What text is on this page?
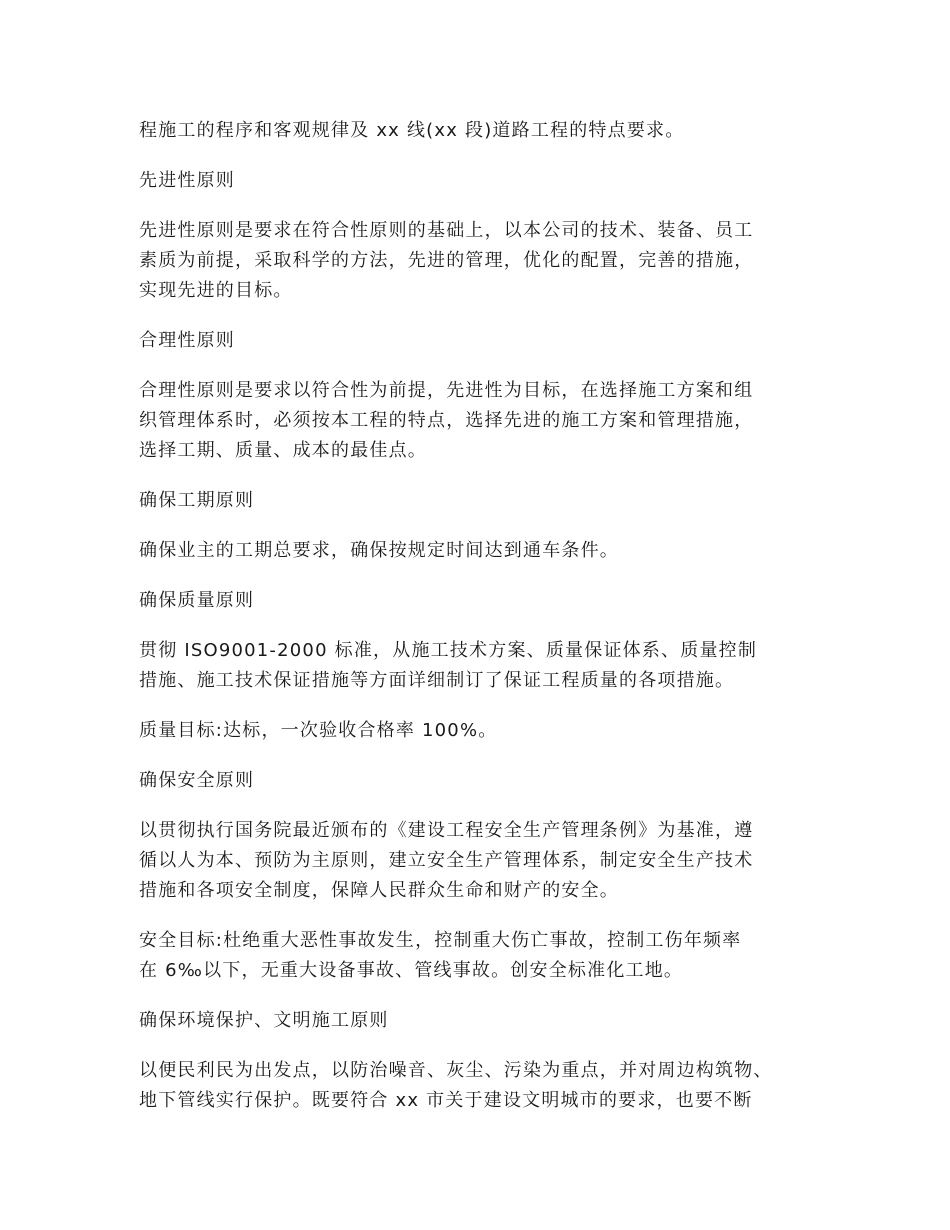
程施工的程序和客观规律及 xx 线(xx 段)道路工程的特点要求。
先进性原则
先进性原则是要求在符合性原则的基础上，以本公司的技术、装备、员工
素质为前提，采取科学的方法，先进的管理，优化的配置，完善的措施，
实现先进的目标。
合理性原则
合理性原则是要求以符合性为前提，先进性为目标，在选择施工方案和组
织管理体系时，必须按本工程的特点，选择先进的施工方案和管理措施，
选择工期、质量、成本的最佳点。
确保工期原则
确保业主的工期总要求，确保按规定时间达到通车条件。
确保质量原则
贯彻 ISO9001-2000 标准，从施工技术方案、质量保证体系、质量控制
措施、施工技术保证措施等方面详细制订了保证工程质量的各项措施。
质量目标:达标，一次验收合格率 100%。
确保安全原则
以贯彻执行国务院最近颁布的《建设工程安全生产管理条例》为基准，遵
循以人为本、预防为主原则，建立安全生产管理体系，制定安全生产技术
措施和各项安全制度，保障人民群众生命和财产的安全。
安全目标:杜绝重大恶性事故发生，控制重大伤亡事故，控制工伤年频率
在 6‰以下，无重大设备事故、管线事故。创安全标准化工地。
确保环境保护、文明施工原则
以便民利民为出发点，以防治噪音、灰尘、污染为重点，并对周边构筑物、
地下管线实行保护。既要符合 xx 市关于建设文明城市的要求，也要不断
